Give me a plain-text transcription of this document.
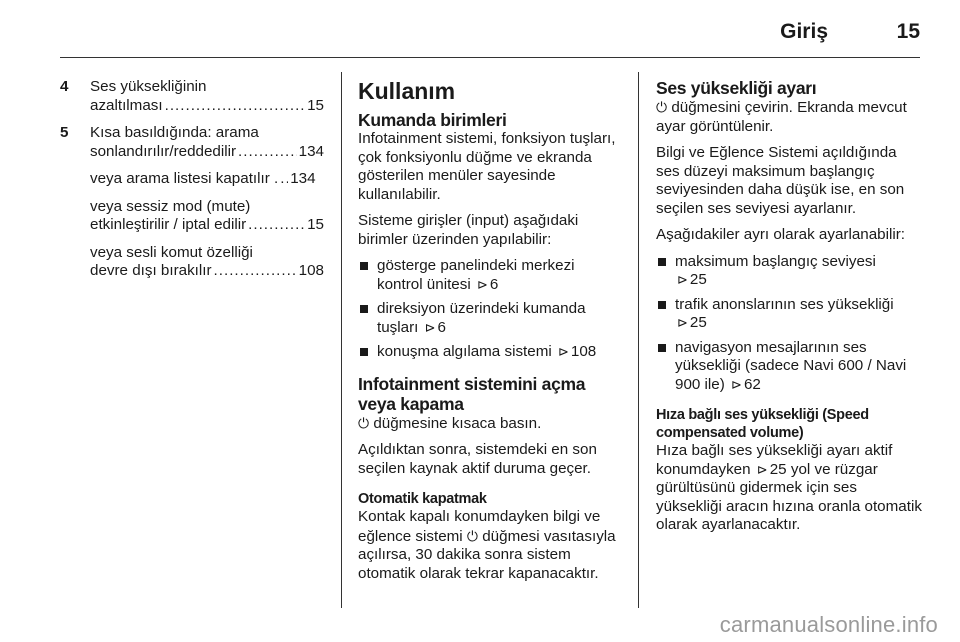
Giriş	15
4 Ses yüksekliğinin
azaltılması .....	15
5 Kısa basıldığında: arama
sonlandırılır/reddedilir .....	134
veya arama listesi kapatılır . ..... 134
veya sessiz mod (mute)
etkinleştirilir / iptal edilir .....	15
veya sesli komut özelliği
devre dışı bırakılır .....	108
Kullanım
Kumanda birimleri

Infotainment sistemi, fonksiyon tuşları, çok fonksiyonlu düğme ve ekranda gösterilen menüler sayesinde kullanılabilir.

Sisteme girişler (input) aşağıdaki birimler üzerinden yapılabilir:

gösterge panelindeki merkezi kontrol ünitesi ⊳ 6
direksiyon üzerindeki kumanda tuşları ⊳ 6
konuşma algılama sistemi ⊳ 108
Infotainment sistemini açma veya kapama

⏻ düğmesine kısaca basın.

Açıldıktan sonra, sistemdeki en son seçilen kaynak aktif duruma geçer.

Otomatik kapatmak

Kontak kapalı konumdayken bilgi ve eğlence sistemi ⏻ düğmesi vasıtasıyla açılırsa, 30 dakika sonra sistem otomatik olarak tekrar kapanacaktır.

Ses yüksekliği ayarı

⏻ düğmesini çevirin. Ekranda mevcut ayar görüntülenir.

Bilgi ve Eğlence Sistemi açıldığında ses düzeyi maksimum başlangıç seviyesinden daha düşük ise, en son seçilen ses seviyesi ayarlanır.

Aşağıdakiler ayrı olarak ayarlanabilir:

maksimum başlangıç seviyesi
⊳ 25
trafik anonslarının ses yüksekliği
⊳ 25
navigasyon mesajlarının ses yüksekliği (sadece Navi 600 / Navi 900 ile) ⊳ 62
Hıza bağlı ses yüksekliği (Speed compensated volume)

Hıza bağlı ses yüksekliği ayarı aktif konumdayken ⊳ 25 yol ve rüzgar gürültüsünü gidermek için ses yüksekliği aracın hızına oranla otomatik olarak ayarlanacaktır.

carmanualsonline.info
